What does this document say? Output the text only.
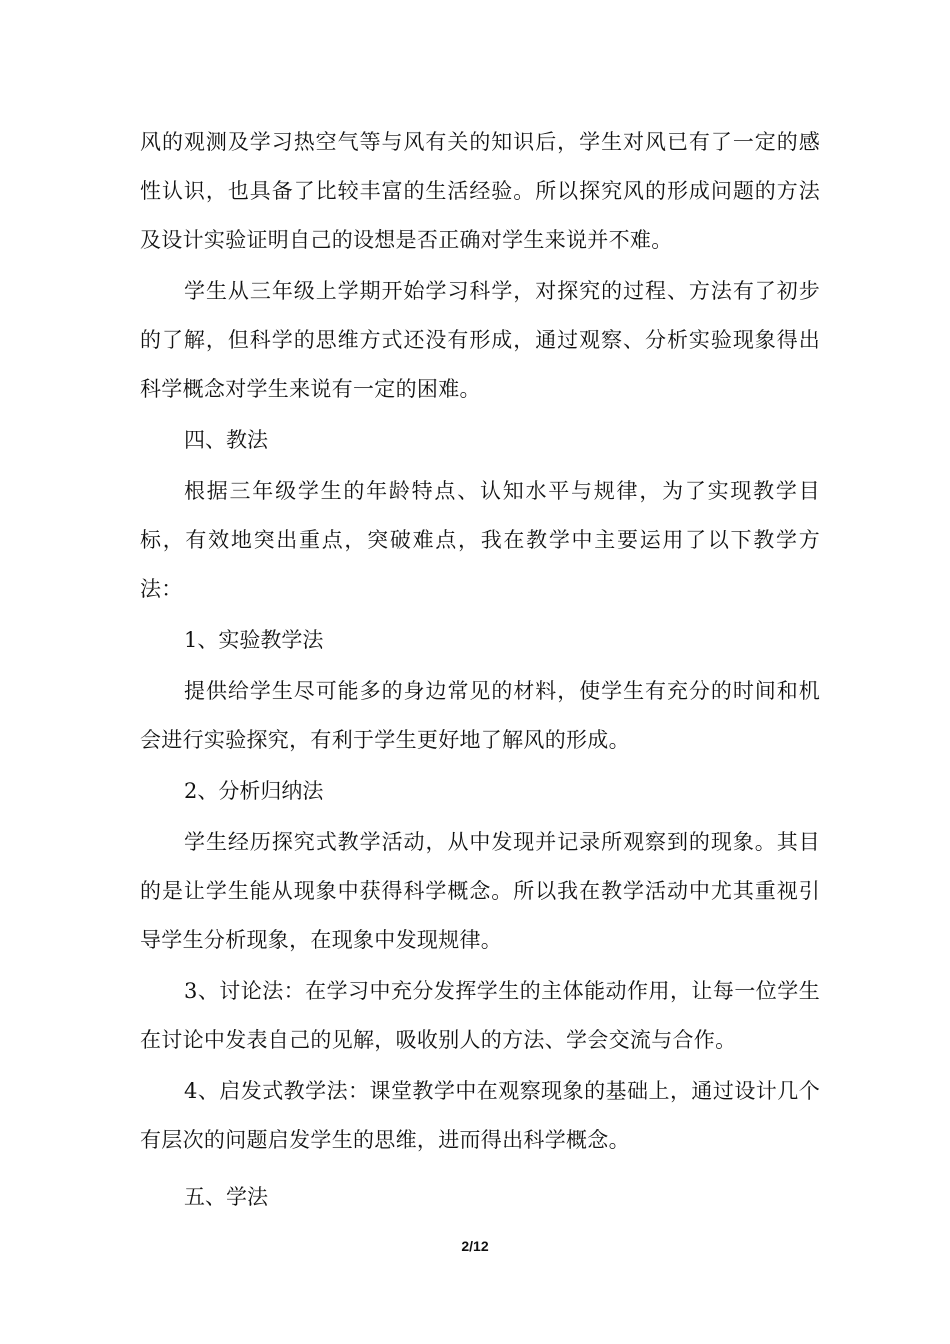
风的观测及学习热空气等与风有关的知识后，学生对风已有了一定的感性认识，也具备了比较丰富的生活经验。所以探究风的形成问题的方法及设计实验证明自己的设想是否正确对学生来说并不难。

学生从三年级上学期开始学习科学，对探究的过程、方法有了初步的了解，但科学的思维方式还没有形成，通过观察、分析实验现象得出科学概念对学生来说有一定的困难。

四、教法

根据三年级学生的年龄特点、认知水平与规律，为了实现教学目标，有效地突出重点，突破难点，我在教学中主要运用了以下教学方法：

1、实验教学法

提供给学生尽可能多的身边常见的材料，使学生有充分的时间和机会进行实验探究，有利于学生更好地了解风的形成。

2、分析归纳法

学生经历探究式教学活动，从中发现并记录所观察到的现象。其目的是让学生能从现象中获得科学概念。所以我在教学活动中尤其重视引导学生分析现象，在现象中发现规律。

3、讨论法：在学习中充分发挥学生的主体能动作用，让每一位学生在讨论中发表自己的见解，吸收别人的方法、学会交流与合作。

4、启发式教学法：课堂教学中在观察现象的基础上，通过设计几个有层次的问题启发学生的思维，进而得出科学概念。

五、学法

2/12
